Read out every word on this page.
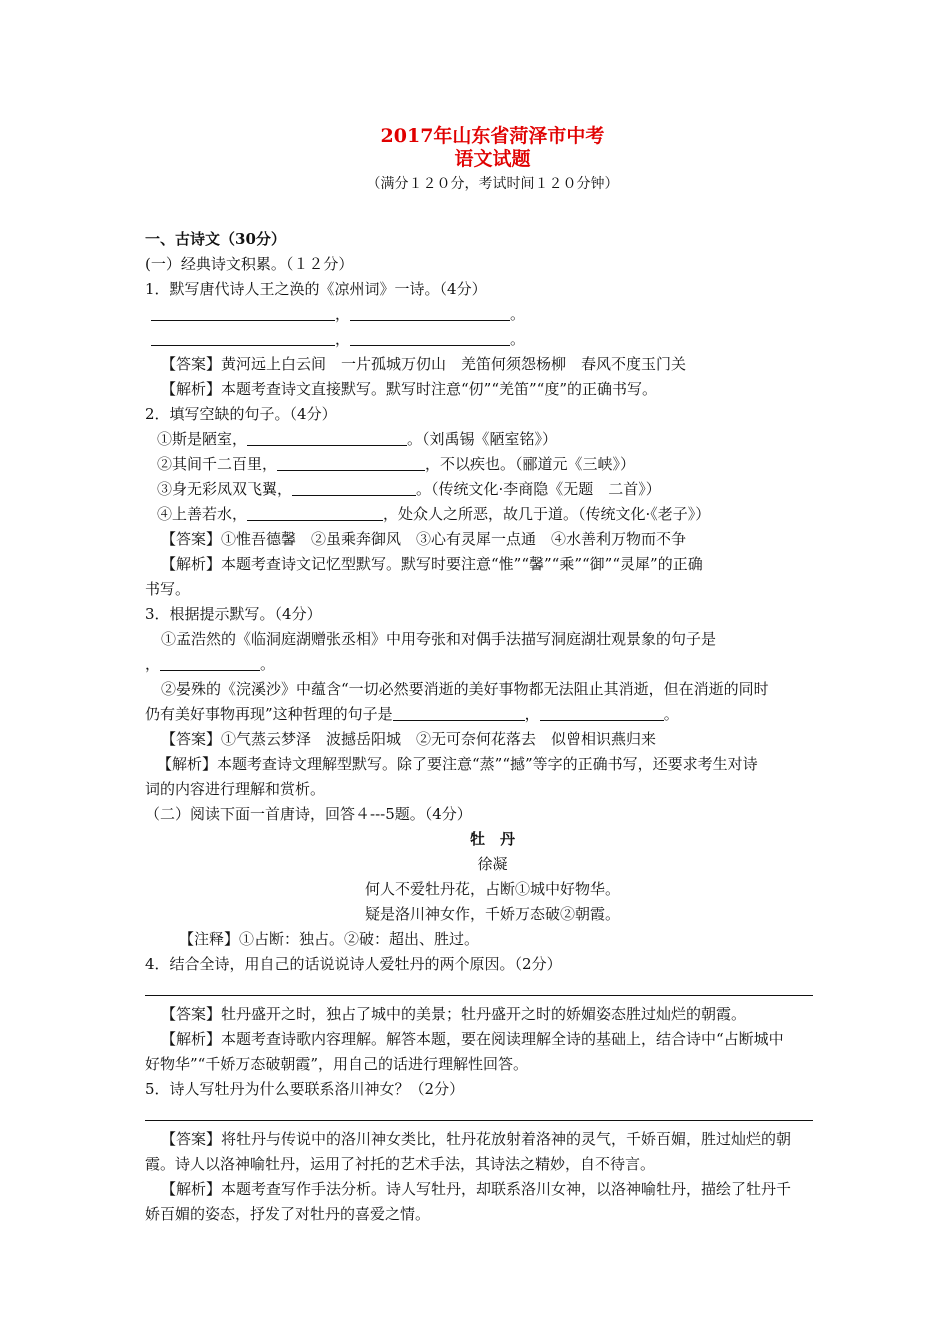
2017年山东省菏泽市中考
语文试题
（满分１２０分，考试时间１２０分钟）
一、古诗文（30分）
(一）经典诗文积累。（１２分）
1．默写唐代诗人王之涣的《凉州词》一诗。（4分）
，	。
，	。
【答案】黄河远上白云间　一片孤城万仞山　羌笛何须怨杨柳　春风不度玉门关
【解析】本题考查诗文直接默写。默写时注意“仞”“羌笛”“度”的正确书写。
2．填写空缺的句子。（4分）
①斯是陋室，	。（刘禹锡《陋室铭》）
②其间千二百里，	，不以疾也。（郦道元《三峡》）
③身无彩凤双飞翼，	。（传统文化·李商隐《无题　二首》）
④上善若水，	，处众人之所恶，故几于道。（传统文化·《老子》）
【答案】①惟吾德馨　②虽乘奔御风　③心有灵犀一点通　④水善利万物而不争
【解析】本题考查诗文记忆型默写。默写时要注意“惟”“馨”“乘”“御”“灵犀”的正确
书写。
3．根据提示默写。（4分）
①孟浩然的《临洞庭湖赠张丞相》中用夸张和对偶手法描写洞庭湖壮观景象的句子是
，	。
②晏殊的《浣溪沙》中蕴含“一切必然要消逝的美好事物都无法阻止其消逝，但在消逝的同时
仍有美好事物再现”这种哲理的句子是	，	。
【答案】①气蒸云梦泽　波撼岳阳城　②无可奈何花落去　似曾相识燕归来
【解析】本题考查诗文理解型默写。除了要注意“蒸”“撼”等字的正确书写，还要求考生对诗
词的内容进行理解和赏析。
（二）阅读下面一首唐诗，回答４---5题。（4分）
牡　丹
徐凝
何人不爱牡丹花，占断①城中好物华。
疑是洛川神女作，千娇万态破②朝霞。
【注释】①占断：独占。②破：超出、胜过。
4．结合全诗，用自己的话说说诗人爱牡丹的两个原因。（2分）
【答案】牡丹盛开之时，独占了城中的美景；牡丹盛开之时的娇媚姿态胜过灿烂的朝霞。
【解析】本题考查诗歌内容理解。解答本题，要在阅读理解全诗的基础上，结合诗中“占断城中
好物华”“千娇万态破朝霞”，用自己的话进行理解性回答。
5．诗人写牡丹为什么要联系洛川神女？（2分）
【答案】将牡丹与传说中的洛川神女类比，牡丹花放射着洛神的灵气，千娇百媚，胜过灿烂的朝
霞。诗人以洛神喻牡丹，运用了衬托的艺术手法，其诗法之精妙，自不待言。
【解析】本题考查写作手法分析。诗人写牡丹，却联系洛川女神，以洛神喻牡丹，描绘了牡丹千
娇百媚的姿态，抒发了对牡丹的喜爱之情。
